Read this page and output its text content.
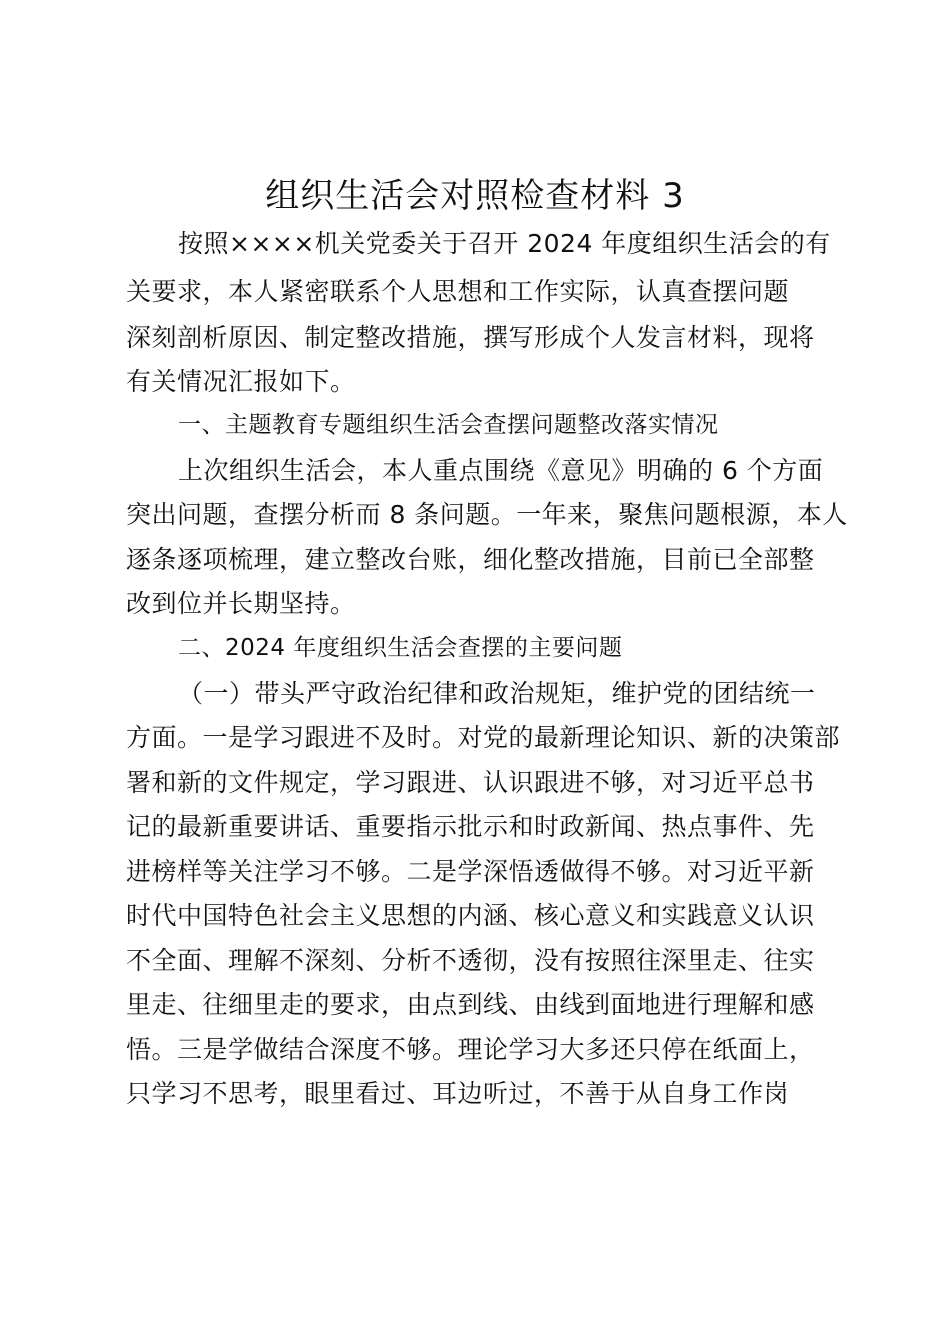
组织生活会对照检查材料 3
按照××××机关党委关于召开 2024 年度组织生活会的有
关要求，本人紧密联系个人思想和工作实际，认真查摆问题
深刻剖析原因、制定整改措施，撰写形成个人发言材料，现将
有关情况汇报如下。
一、主题教育专题组织生活会查摆问题整改落实情况
上次组织生活会，本人重点围绕《意见》明确的 6 个方面
突出问题，查摆分析而 8 条问题。一年来，聚焦问题根源，本人
逐条逐项梳理，建立整改台账，细化整改措施，目前已全部整
改到位并长期坚持。
二、2024 年度组织生活会查摆的主要问题
（一）带头严守政治纪律和政治规矩，维护党的团结统一
方面。一是学习跟进不及时。对党的最新理论知识、新的决策部
署和新的文件规定，学习跟进、认识跟进不够，对习近平总书
记的最新重要讲话、重要指示批示和时政新闻、热点事件、先
进榜样等关注学习不够。二是学深悟透做得不够。对习近平新
时代中国特色社会主义思想的内涵、核心意义和实践意义认识
不全面、理解不深刻、分析不透彻，没有按照往深里走、往实
里走、往细里走的要求，由点到线、由线到面地进行理解和感
悟。三是学做结合深度不够。理论学习大多还只停在纸面上，
只学习不思考，眼里看过、耳边听过，不善于从自身工作岗
